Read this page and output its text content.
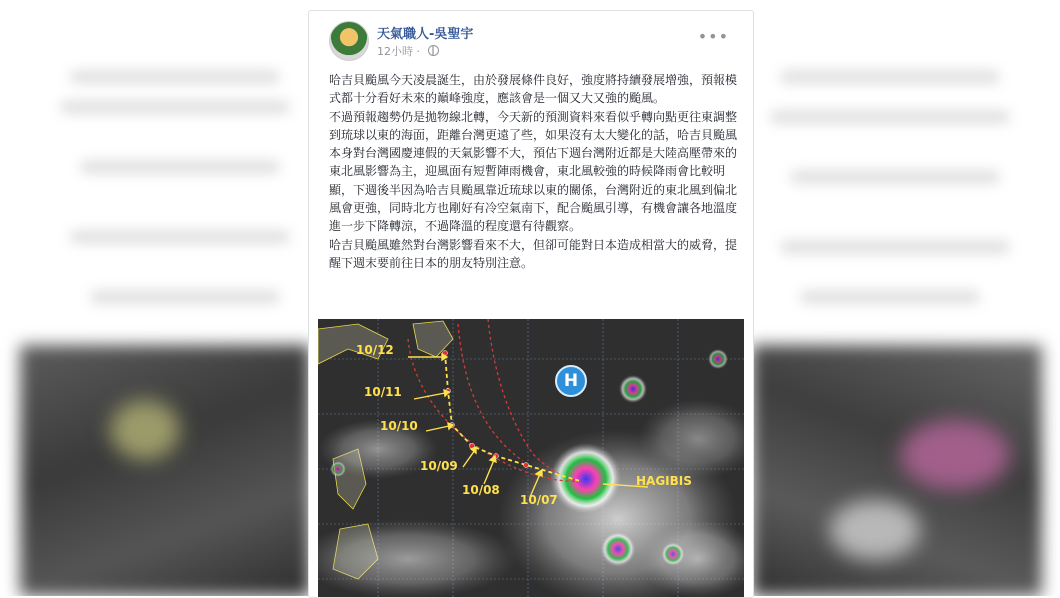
天氣職人-吳聖宇
12小時 ·
•••

哈吉貝颱風今天凌晨誕生，由於發展條件良好，強度將持續發展增強，預報模式都十分看好未來的巔峰強度，應該會是一個又大又強的颱風。

不過預報趨勢仍是拋物線北轉，今天新的預測資料來看似乎轉向點更往東調整到琉球以東的海面，距離台灣更遠了些，如果沒有太大變化的話，哈吉貝颱風本身對台灣國慶連假的天氣影響不大，預估下週台灣附近都是大陸高壓帶來的東北風影響為主，迎風面有短暫陣雨機會，東北風較強的時候降雨會比較明顯，下週後半因為哈吉貝颱風靠近琉球以東的關係，台灣附近的東北風到偏北風會更強，同時北方也剛好有冷空氣南下，配合颱風引導，有機會讓各地溫度進一步下降轉涼，不過降溫的程度還有待觀察。

哈吉貝颱風雖然對台灣影響看來不大，但卻可能對日本造成相當大的威脅，提醒下週末要前往日本的朋友特別注意。

H
10/12
10/11
10/10
10/09
10/08
10/07
HAGIBIS
